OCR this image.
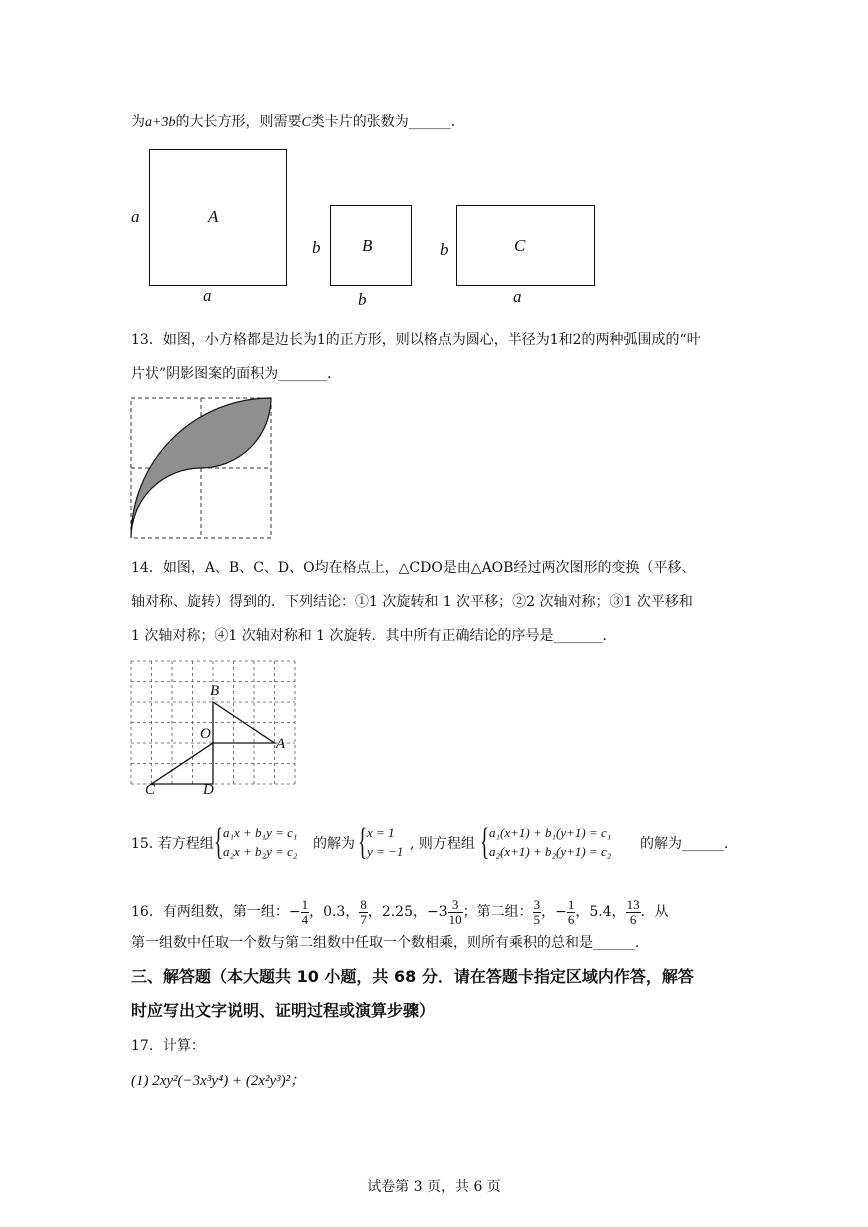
为a+3b的大长方形，则需要C类卡片的张数为______．
A
a
a
B
b
b
C
b
a
13．如图，小方格都是边长为1的正方形，则以格点为圆心，半径为1和2的两种弧围成的“叶
片状”阴影图案的面积为_______．
14．如图，A、B、C、D、O均在格点上，△CDO是由△AOB经过两次图形的变换（平移、
轴对称、旋转）得到的．下列结论：①1 次旋转和 1 次平移；②2 次轴对称；③1 次平移和
1 次轴对称；④1 次轴对称和 1 次旋转．其中所有正确结论的序号是_______．
B
O
A
C	D
15. 若方程组 { a₁x + b₁y = c₁
a₂x + b₂y = c₂ 的解为 { x = 1
y = −1 , 则方程组 { a₁(x+1) + b₁(y+1) = c₁
a₂(x+1) + b₂(y+1) = c₂ 的解为______．
16．有两组数，第一组：− $\frac{1}{4}$ ，0.3， $\frac{8}{7}$ ，2.25，$-3 \frac{3}{10}$ ；第二组： $\frac{3}{5}$ ，− $\frac{1}{6}$ ，5.4， $\frac{13}{6}$ ．从
第一组数中任取一个数与第二组数中任取一个数相乘，则所有乘积的总和是______．
三、解答题（本大题共 10 小题，共 68 分．请在答题卡指定区域内作答，解答
时应写出文字说明、证明过程或演算步骤）
17．计算：
(1) 2xy²(−3x³y⁴) + (2x²y³)²；
试卷第 3 页，共 6 页
